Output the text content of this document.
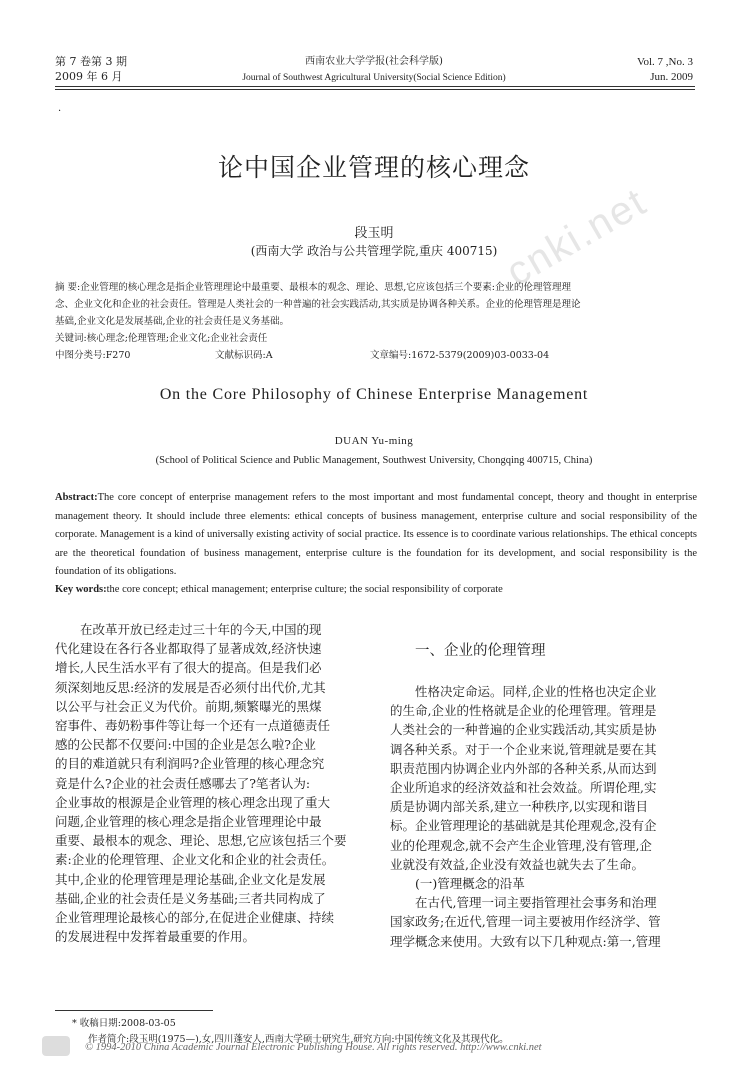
第 7 卷第 3 期
2009 年 6 月
西南农业大学学报(社会科学版)
Journal of Southwest Agricultural University(Social Science Edition)
Vol. 7 ,No. 3
Jun. 2009
·
cnki.net
论中国企业管理的核心理念
段玉明
(西南大学 政治与公共管理学院,重庆 400715)
摘 要:企业管理的核心理念是指企业管理理论中最重要、最根本的观念、理论、思想,它应该包括三个要素:企业的伦理管理理
念、企业文化和企业的社会责任。管理是人类社会的一种普遍的社会实践活动,其实质是协调各种关系。企业的伦理管理是理论
基础,企业文化是发展基础,企业的社会责任是义务基础。
关键词:核心理念;伦理管理;企业文化;企业社会责任
中图分类号:F270	文献标识码:A	文章编号:1672-5379(2009)03-0033-04
On the Core Philosophy of Chinese Enterprise Management
DUAN Yu-ming
(School of Political Science and Public Management, Southwest University, Chongqing 400715, China)
Abstract:The core concept of enterprise management refers to the most important and most fundamental concept, theory and thought in enterprise management theory. It should include three elements: ethical concepts of business management, enterprise culture and social responsibility of the corporate. Management is a kind of universally existing activity of social practice. Its essence is to coordinate various relationships. The ethical concepts are the theoretical foundation of business management, enterprise culture is the foundation for its development, and social responsibility is the foundation of its obligations.
Key words:the core concept; ethical management; enterprise culture; the social responsibility of corporate

在改革开放已经走过三十年的今天,中国的现

代化建设在各行各业都取得了显著成效,经济快速

增长,人民生活水平有了很大的提高。但是我们必

须深刻地反思:经济的发展是否必须付出代价,尤其

以公平与社会正义为代价。前期,频繁曝光的黑煤

窑事件、毒奶粉事件等让每一个还有一点道德责任

感的公民都不仅要问:中国的企业是怎么啦?企业

的目的难道就只有利润吗?企业管理的核心理念究

竟是什么?企业的社会责任感哪去了?笔者认为:

企业事故的根源是企业管理的核心理念出现了重大

问题,企业管理的核心理念是指企业管理理论中最

重要、最根本的观念、理论、思想,它应该包括三个要

素:企业的伦理管理、企业文化和企业的社会责任。

其中,企业的伦理管理是理论基础,企业文化是发展

基础,企业的社会责任是义务基础;三者共同构成了

企业管理理论最核心的部分,在促进企业健康、持续

的发展进程中发挥着最重要的作用。

一、企业的伦理管理

性格决定命运。同样,企业的性格也决定企业

的生命,企业的性格就是企业的伦理管理。管理是

人类社会的一种普遍的企业实践活动,其实质是协

调各种关系。对于一个企业来说,管理就是要在其

职责范围内协调企业内外部的各种关系,从而达到

企业所追求的经济效益和社会效益。所谓伦理,实

质是协调内部关系,建立一种秩序,以实现和谐目

标。企业管理理论的基础就是其伦理观念,没有企

业的伦理观念,就不会产生企业管理,没有管理,企

业就没有效益,企业没有效益也就失去了生命。

(一)管理概念的沿革

在古代,管理一词主要指管理社会事务和治理

国家政务;在近代,管理一词主要被用作经济学、管

理学概念来使用。大致有以下几种观点:第一,管理

* 收稿日期:2008-03-05
作者简介:段玉明(1975—),女,四川蓬安人,西南大学硕士研究生,研究方向:中国传统文化及其现代化。
© 1994-2010 China Academic Journal Electronic Publishing House. All rights reserved. http://www.cnki.net
